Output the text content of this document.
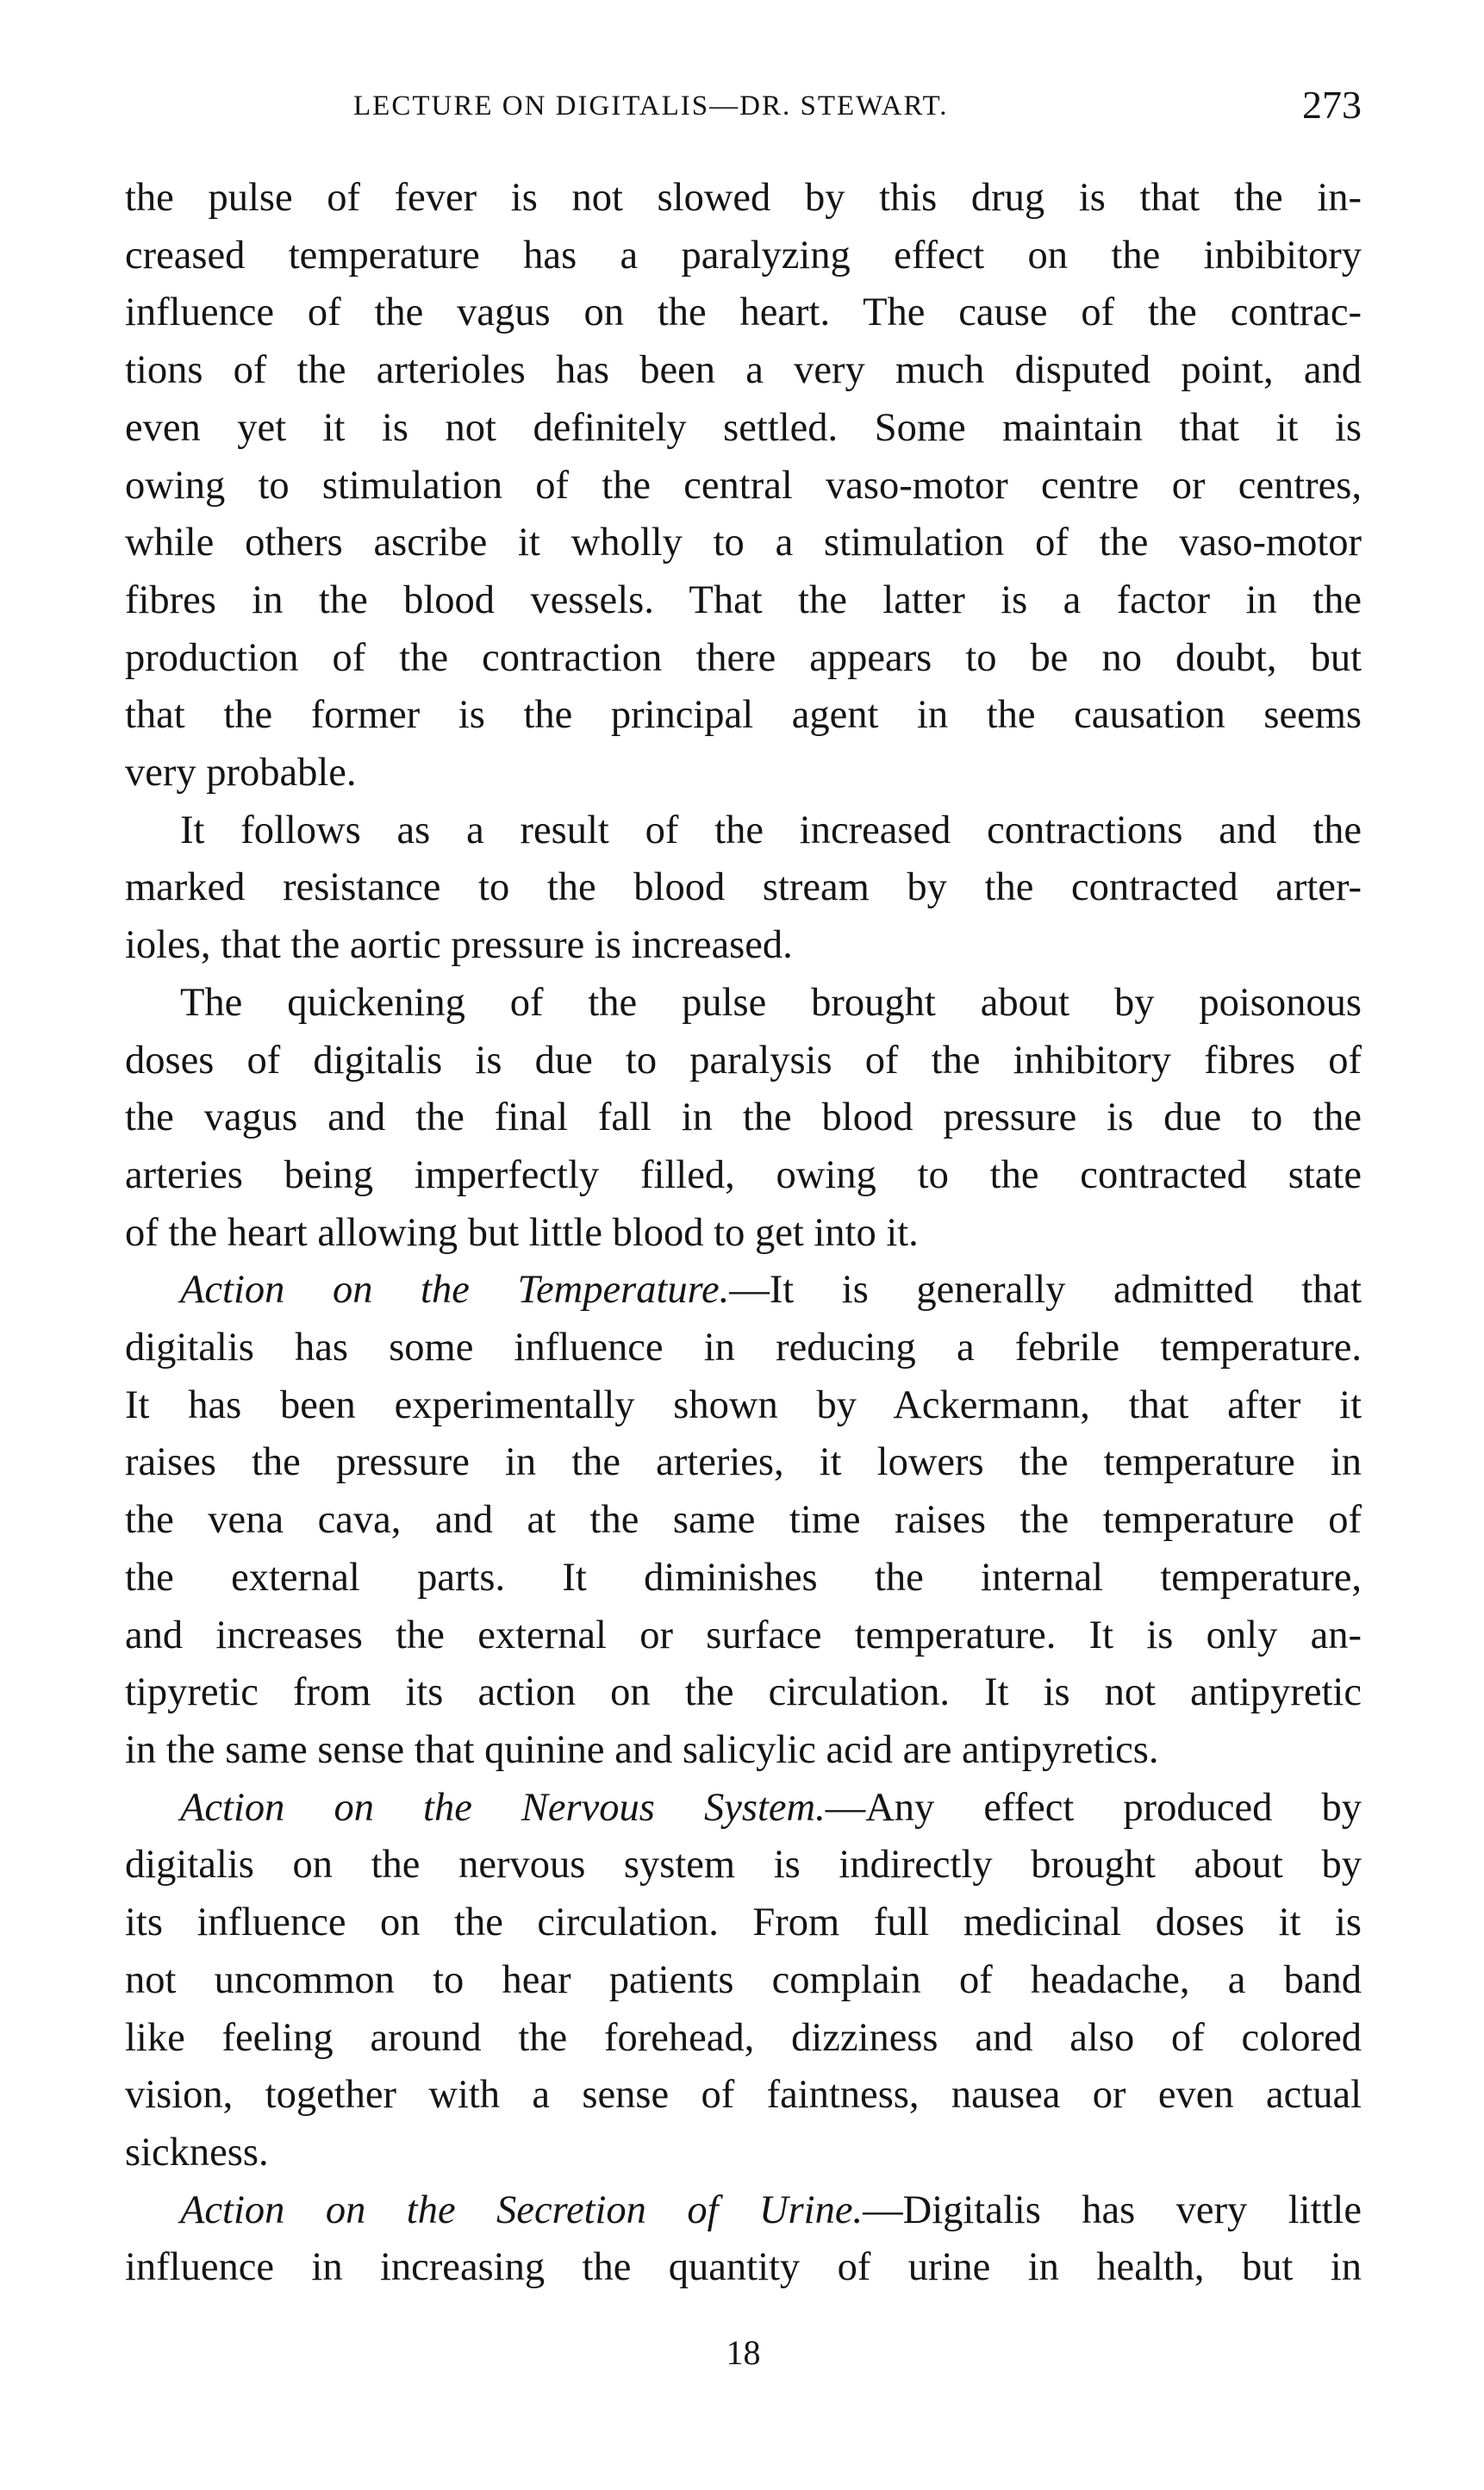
LECTURE ON DIGITALIS—DR. STEWART.	273

the pulse of fever is not slowed by this drug is that the in-
creased temperature has a paralyzing effect on the inbibitory
influence of the vagus on the heart. The cause of the contrac-
tions of the arterioles has been a very much disputed point, and
even yet it is not definitely settled. Some maintain that it is
owing to stimulation of the central vaso-motor centre or centres,
while others ascribe it wholly to a stimulation of the vaso-motor
fibres in the blood vessels. That the latter is a factor in the
production of the contraction there appears to be no doubt, but
that the former is the principal agent in the causation seems
very probable.

It follows as a result of the increased contractions and the
marked resistance to the blood stream by the contracted arter-
ioles, that the aortic pressure is increased.

The quickening of the pulse brought about by poisonous
doses of digitalis is due to paralysis of the inhibitory fibres of
the vagus and the final fall in the blood pressure is due to the
arteries being imperfectly filled, owing to the contracted state
of the heart allowing but little blood to get into it.

Action on the Temperature.—It is generally admitted that
digitalis has some influence in reducing a febrile temperature.
It has been experimentally shown by Ackermann, that after it
raises the pressure in the arteries, it lowers the temperature in
the vena cava, and at the same time raises the temperature of
the external parts. It diminishes the internal temperature,
and increases the external or surface temperature. It is only an-
tipyretic from its action on the circulation. It is not antipyretic
in the same sense that quinine and salicylic acid are antipyretics.

Action on the Nervous System.—Any effect produced by
digitalis on the nervous system is indirectly brought about by
its influence on the circulation. From full medicinal doses it is
not uncommon to hear patients complain of headache, a band
like feeling around the forehead, dizziness and also of colored
vision, together with a sense of faintness, nausea or even actual
sickness.

Action on the Secretion of Urine.—Digitalis has very little
influence in increasing the quantity of urine in health, but in

18
